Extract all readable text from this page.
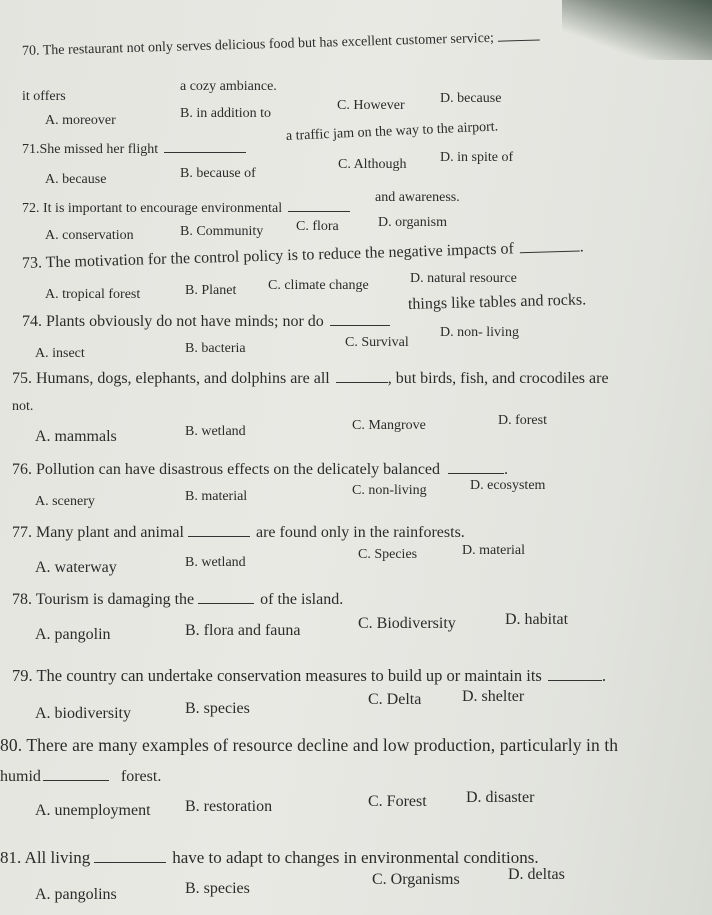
70. The restaurant not only serves delicious food but has excellent customer service;
it offers
a cozy ambiance.
A. moreover	B. in addition to
C. However	D. because
71.She missed her flight
a traffic jam on the way to the airport.
A. because	B. because of
C. Although D. in spite of
72. It is important to encourage environmental
and awareness.
A. conservation	B. Community C. flora	D. organism
73. The motivation for the control policy is to reduce the negative impacts of	.
A. tropical forest	B. Planet C. climate change	D. natural resource
74. Plants obviously do not have minds; nor do
things like tables and rocks.
A. insect	B. bacteria	C. Survival
D. non- living
75. Humans, dogs, elephants, and dolphins are all	, but birds, fish, and crocodiles are
not.
A. mammals	B. wetland	C. Mangrove	D. forest
76. Pollution can have disastrous effects on the delicately balanced	.
A. scenery	B. material	C. non-living	D. ecosystem
77. Many plant and animal	are found only in the rainforests.
A. waterway	B. wetland
C. Species	D. material
78. Tourism is damaging the	of the island.
A. pangolin	B. flora and fauna	C. Biodiversity	D. habitat
79. The country can undertake conservation measures to build up or maintain its	.
A. biodiversity	B. species
C. Delta	D. shelter
80. There are many examples of resource decline and low production, particularly in th
humid	forest.
A. unemployment B. restoration	C. Forest D. disaster
81. All living	have to adapt to changes in environmental conditions.
A. pangolins	B. species
C. Organisms	D. deltas
